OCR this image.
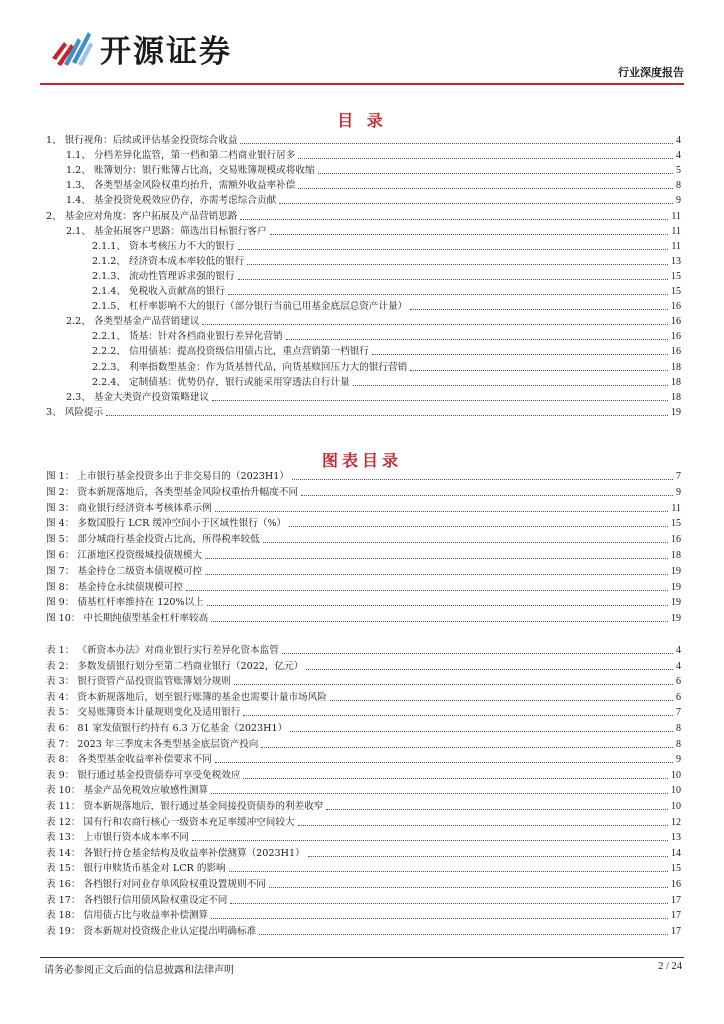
开源证券
行业深度报告
目 录
1、 银行视角：后续或评估基金投资综合收益	4
1.1、 分档差异化监管，第一档和第二档商业银行居多	4
1.2、 账簿划分：银行账簿占比高，交易账簿规模或将收缩	5
1.3、 各类型基金风险权重均抬升，需额外收益率补偿	8
1.4、 基金投资免税效应仍存，亦需考虑综合贡献	9
2、 基金应对角度：客户拓展及产品营销思路	11
2.1、 基金拓展客户思路：筛选出目标银行客户	11
2.1.1、 资本考核压力不大的银行	11
2.1.2、 经济资本成本率较低的银行	13
2.1.3、 流动性管理诉求强的银行	15
2.1.4、 免税收入贡献高的银行	15
2.1.5、 杠杆率影响不大的银行（部分银行当前已用基金底层总资产计量）	16
2.2、 各类型基金产品营销建议	16
2.2.1、 货基：针对各档商业银行差异化营销	16
2.2.2、 信用债基：提高投资级信用债占比，重点营销第一档银行	16
2.2.3、 利率指数型基金：作为货基替代品，向货基赎回压力大的银行营销	18
2.2.4、 定制债基：优势仍存，银行或能采用穿透法自行计量	18
2.3、 基金大类资产投资策略建议	18
3、 风险提示	19
图表目录
图 1： 上市银行基金投资多出于非交易目的（2023H1）	7
图 2： 资本新规落地后，各类型基金风险权重抬升幅度不同	9
图 3： 商业银行经济资本考核体系示例	11
图 4： 多数国股行 LCR 缓冲空间小于区域性银行（%）	15
图 5： 部分城商行基金投资占比高，所得税率较低	16
图 6： 江浙地区投资级城投债规模大	18
图 7： 基金持仓二级资本债规模可控	19
图 8： 基金持仓永续债规模可控	19
图 9： 债基杠杆率维持在 120%以上	19
图 10： 中长期纯债型基金杠杆率较高	19
表 1： 《新资本办法》对商业银行实行差异化资本监管	4
表 2： 多数发债银行划分至第二档商业银行（2022，亿元）	4
表 3： 银行资管产品投资监管账簿划分规则	6
表 4： 资本新规落地后，划至银行账簿的基金也需要计量市场风险	6
表 5： 交易账簿资本计量规则变化及适用银行	7
表 6： 81 家发债银行约持有 6.3 万亿基金（2023H1）	8
表 7： 2023 年三季度末各类型基金底层资产投向	8
表 8： 各类型基金收益率补偿要求不同	9
表 9： 银行通过基金投资债券可享受免税效应	10
表 10： 基金产品免税效应敏感性测算	10
表 11： 资本新规落地后，银行通过基金间接投资债券的利差收窄	10
表 12： 国有行和农商行核心一级资本充足率缓冲空间较大	12
表 13： 上市银行资本成本率不同	13
表 14： 各银行持仓基金结构及收益率补偿测算（2023H1）	14
表 15： 银行申赎货币基金对 LCR 的影响	15
表 16： 各档银行对同业存单风险权重设置规则不同	16
表 17： 各档银行信用债风险权重设定不同	17
表 18： 信用债占比与收益率补偿测算	17
表 19： 资本新规对投资级企业认定提出明确标准	17
请务必参阅正文后面的信息披露和法律声明	2 / 24
